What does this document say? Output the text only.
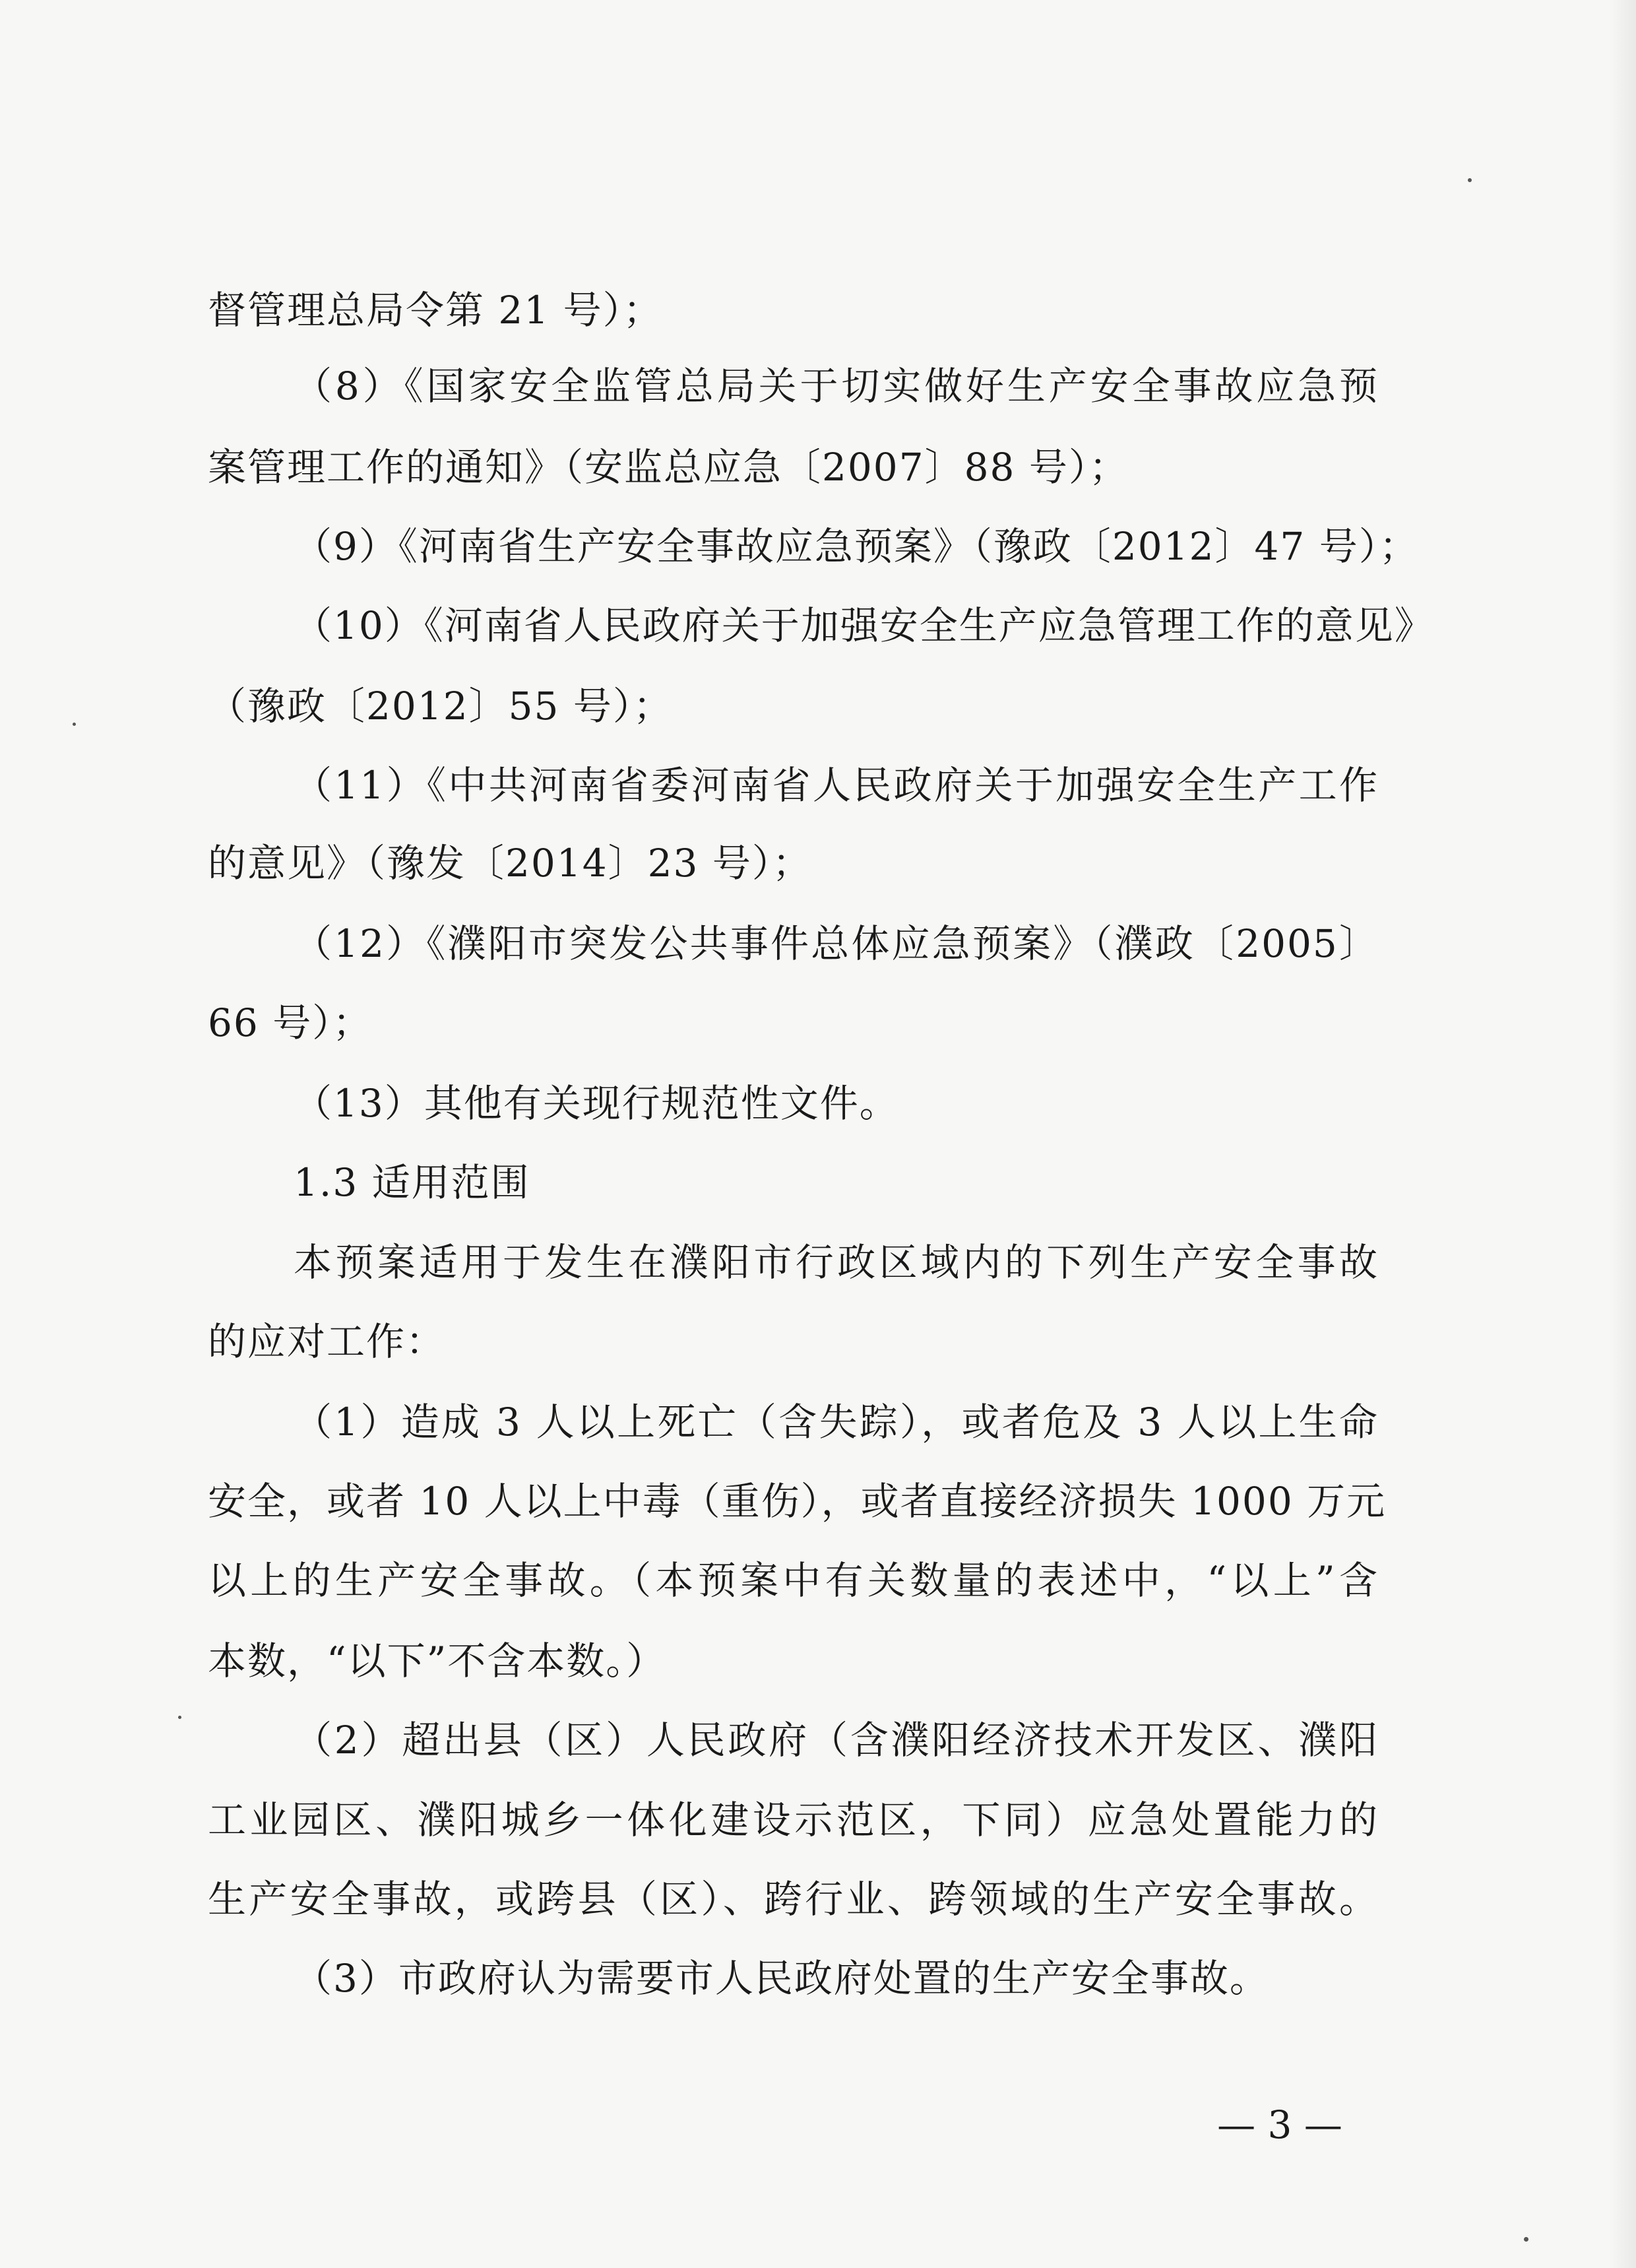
督管理总局令第 21 号）；
（8）《国家安全监管总局关于切实做好生产安全事故应急预
案管理工作的通知》（安监总应急〔2007〕88 号）；
（9）《河南省生产安全事故应急预案》（豫政〔2012〕47 号）；
（10）《河南省人民政府关于加强安全生产应急管理工作的意见》
（豫政〔2012〕55 号）；
（11）《中共河南省委河南省人民政府关于加强安全生产工作
的意见》（豫发〔2014〕23 号）；
（12）《濮阳市突发公共事件总体应急预案》（濮政〔2005〕
66 号）；
（13）其他有关现行规范性文件。
1.3 适用范围
本预案适用于发生在濮阳市行政区域内的下列生产安全事故
的应对工作：
（1）造成 3 人以上死亡（含失踪），或者危及 3 人以上生命
安全，或者 10 人以上中毒（重伤），或者直接经济损失 1000 万元
以上的生产安全事故。（本预案中有关数量的表述中，“以上”含
本数，“以下”不含本数。）
（2）超出县（区）人民政府（含濮阳经济技术开发区、濮阳
工业园区、濮阳城乡一体化建设示范区，下同）应急处置能力的
生产安全事故，或跨县（区）、跨行业、跨领域的生产安全事故。
（3）市政府认为需要市人民政府处置的生产安全事故。
— 3 —
